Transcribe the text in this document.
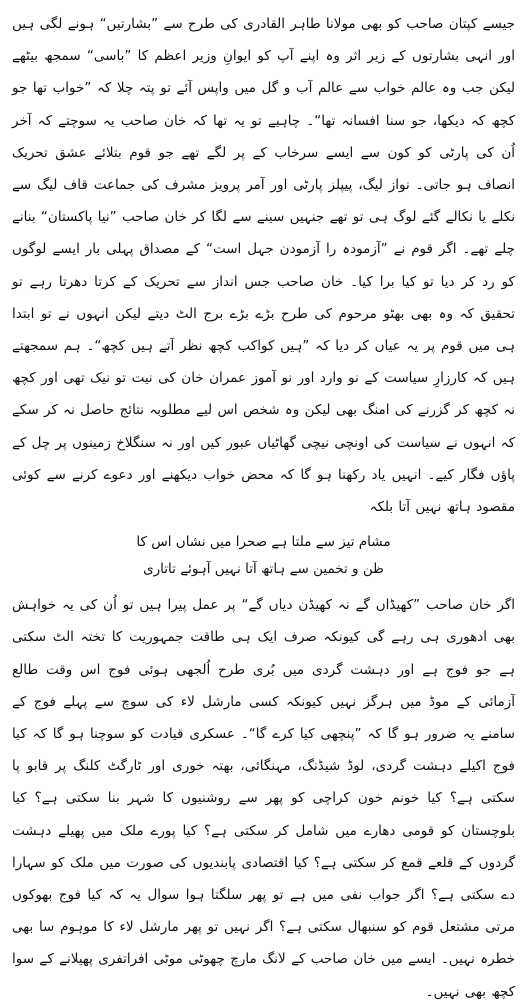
جیسے کپتان صاحب کو بھی مولانا طاہر القادری کی طرح سے ”بشارتیں“ ہونے لگی ہیں اور انہی بشارتوں کے زیر اثر وہ اپنے آپ کو ایوانِ وزیر اعظم کا ”باسی“ سمجھ بیٹھے لیکن جب وہ عالم خواب سے عالم آب و گل میں واپس آئے تو پتہ چلا کہ ”خواب تھا جو کچھ کہ دیکھا، جو سنا افسانہ تھا“۔ چاہیے تو یہ تھا کہ خان صاحب یہ سوچتے کہ آخر اُن کی پارٹی کو کون سے ایسے سرخاب کے پر لگے تھے جو قوم بتلائے عشق تحریک انصاف ہو جاتی۔ نواز لیگ، پیپلز پارٹی اور آمر پرویز مشرف کی جماعت قاف لیگ سے نکلے یا نکالے گئے لوگ ہی تو تھے جنہیں سینے سے لگا کر خان صاحب ”نیا پاکستان“ بنانے چلے تھے۔ اگر قوم نے ”آزمودہ را آزمودن جہل است“ کے مصداق پہلی بار ایسے لوگوں کو رد کر دیا تو کیا برا کیا۔ خان صاحب جس انداز سے تحریک کے کرتا دھرتا رہے تو تحقیق کہ وہ بھی بھٹو مرحوم کی طرح بڑے بڑے برج الٹ دیتے لیکن انہوں نے تو ابتدا ہی میں قوم پر یہ عیاں کر دیا کہ ”ہیں کواکب کچھ نظر آتے ہیں کچھ“۔ ہم سمجھتے ہیں کہ کارزارِ سیاست کے نو وارد اور نو آموز عمران خان کی نیت تو نیک تھی اور کچھ نہ کچھ کر گزرنے کی امنگ بھی لیکن وہ شخص اس لیے مطلوبہ نتائج حاصل نہ کر سکے کہ انہوں نے سیاست کی اونچی نیچی گھاٹیاں عبور کیں اور نہ سنگلاخ زمینوں پر چل کے پاؤں فگار کیے۔ انہیں یاد رکھنا ہو گا کہ محض خواب دیکھنے اور دعوے کرنے سے کوئی مقصود ہاتھ نہیں آتا بلکہ

مشام تیز سے ملتا ہے صحرا میں نشاں اس کا
ظن و تخمین سے ہاتھ آتا نہیں آہوئے تاتاری

اگر خان صاحب ”کھیڈاں گے نہ کھیڈن دیاں گے“ پر عمل پیرا ہیں تو اُن کی یہ خواہش بھی ادھوری ہی رہے گی کیونکہ صرف ایک ہی طاقت جمہوریت کا تختہ الٹ سکتی ہے جو فوج ہے اور دہشت گردی میں بُری طرح اُلجھی ہوئی فوج اس وقت طالع آزمائی کے موڈ میں ہرگز نہیں کیونکہ کسی مارشل لاء کی سوچ سے پہلے فوج کے سامنے یہ ضرور ہو گا کہ ”پنچھی کیا کرے گا“۔ عسکری قیادت کو سوچنا ہو گا کہ کیا فوج اکیلے دہشت گردی، لوڈ شیڈنگ، مہنگائی، بھتہ خوری اور ٹارگٹ کلنگ پر قابو پا سکتی ہے؟ کیا خونم خون کراچی کو پھر سے روشنیوں کا شہر بنا سکتی ہے؟ کیا بلوچستان کو قومی دھارے میں شامل کر سکتی ہے؟ کیا پورے ملک میں پھیلے دہشت گردوں کے قلعے قمع کر سکتی ہے؟ کیا اقتصادی پابندیوں کی صورت میں ملک کو سہارا دے سکتی ہے؟ اگر جواب نفی میں ہے تو پھر سلگتا ہوا سوال یہ کہ کیا فوج بھوکوں مرتی مشتعل قوم کو سنبھال سکتی ہے؟ اگر نہیں تو پھر مارشل لاء کا موہوم سا بھی خطرہ نہیں۔ ایسے میں خان صاحب کے لانگ مارچ چھوٹی موٹی افراتفری پھیلانے کے سوا کچھ بھی نہیں۔
